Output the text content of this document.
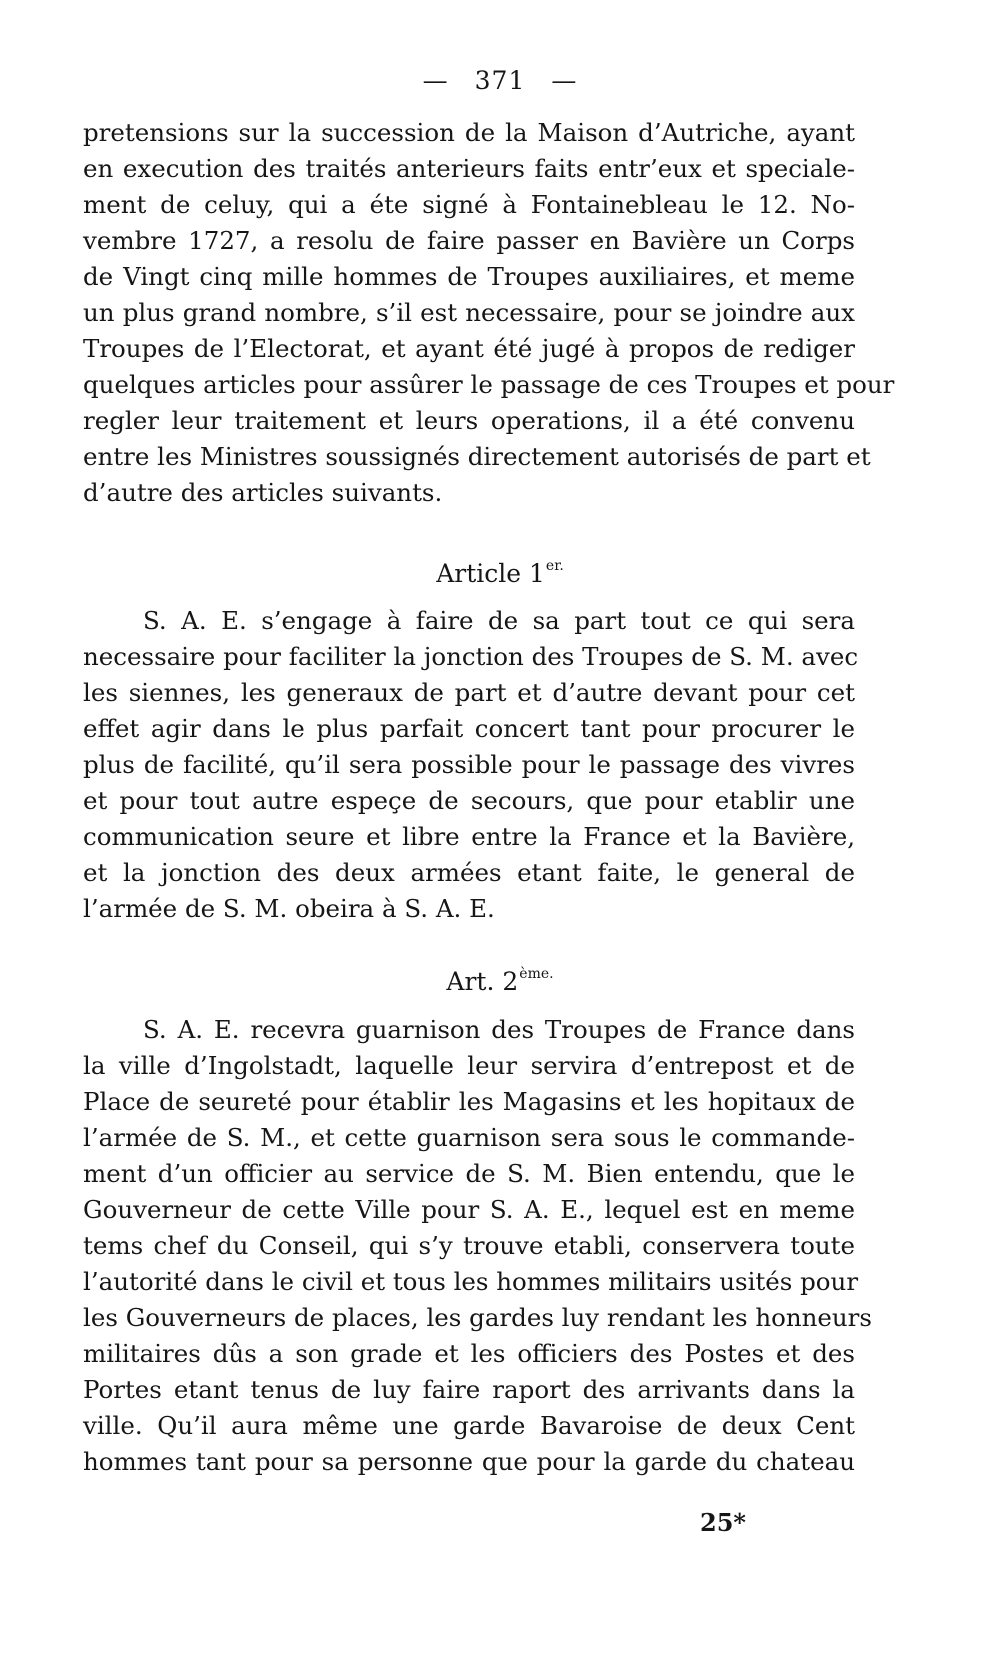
— 371 —
pretensions sur la succession de la Maison d’Autriche, ayant
en execution des traités anterieurs faits entr’eux et speciale-
ment de celuy, qui a éte signé à Fontainebleau le 12. No-
vembre 1727, a resolu de faire passer en Bavière un Corps
de Vingt cinq mille hommes de Troupes auxiliaires, et meme
un plus grand nombre, s’il est necessaire, pour se joindre aux
Troupes de l’Electorat, et ayant été jugé à propos de rediger
quelques articles pour assûrer le passage de ces Troupes et pour
regler leur traitement et leurs operations, il a été convenu
entre les Ministres soussignés directement autorisés de part et
d’autre des articles suivants.
Article $1^{er.}$
S. A. E. s’engage à faire de sa part tout ce qui sera
necessaire pour faciliter la jonction des Troupes de S. M. avec
les siennes, les generaux de part et d’autre devant pour cet
effet agir dans le plus parfait concert tant pour procurer le
plus de facilité, qu’il sera possible pour le passage des vivres
et pour tout autre espeçe de secours, que pour etablir une
communication seure et libre entre la France et la Bavière,
et la jonction des deux armées etant faite, le general de
l’armée de S. M. obeira à S. A. E.
Art. $2^{ème.}$
S. A. E. recevra guarnison des Troupes de France dans
la ville d’Ingolstadt, laquelle leur servira d’entrepost et de
Place de seureté pour établir les Magasins et les hopitaux de
l’armée de S. M., et cette guarnison sera sous le commande-
ment d’un officier au service de S. M. Bien entendu, que le
Gouverneur de cette Ville pour S. A. E., lequel est en meme
tems chef du Conseil, qui s’y trouve etabli, conservera toute
l’autorité dans le civil et tous les hommes militairs usités pour
les Gouverneurs de places, les gardes luy rendant les honneurs
militaires dûs a son grade et les officiers des Postes et des
Portes etant tenus de luy faire raport des arrivants dans la
ville. Qu’il aura même une garde Bavaroise de deux Cent
hommes tant pour sa personne que pour la garde du chateau
25*
